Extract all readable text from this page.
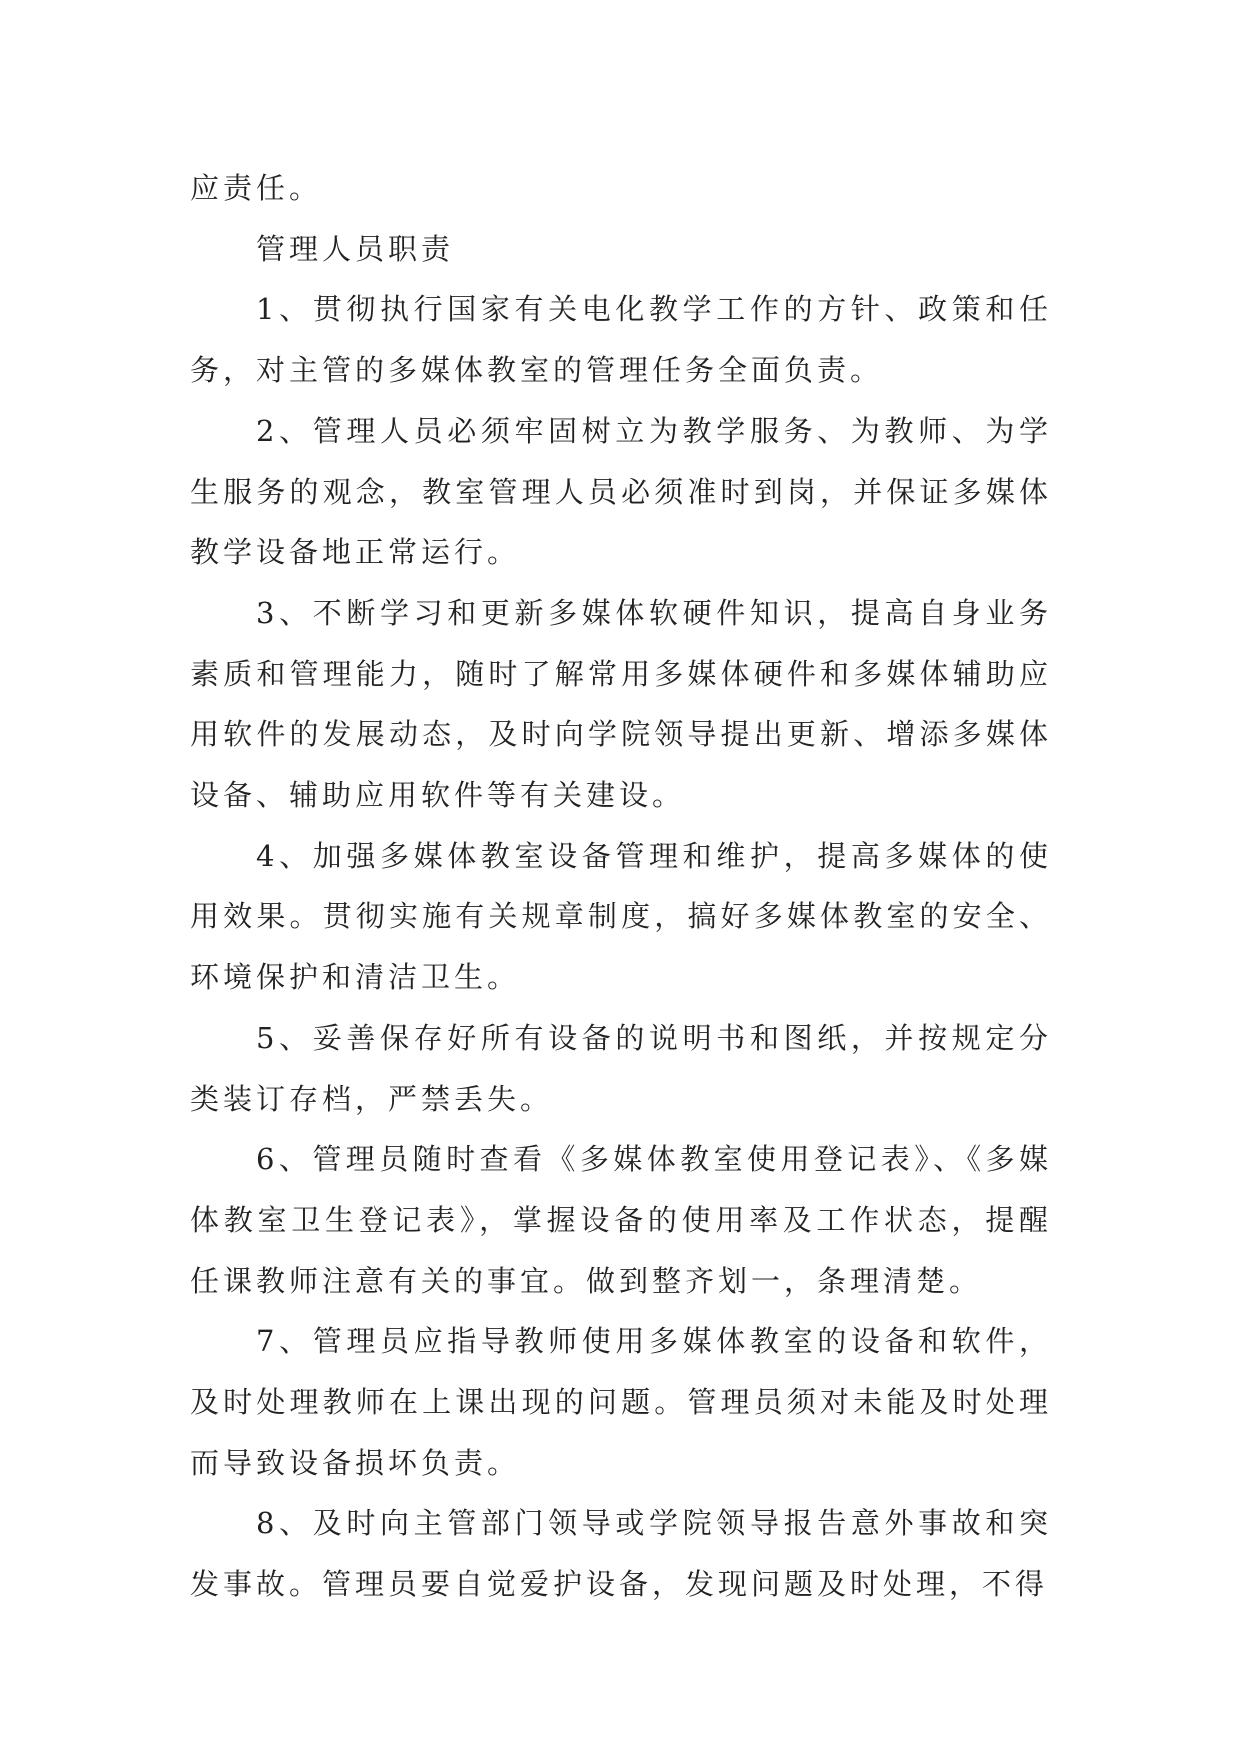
应责任。

管理人员职责

1、贯彻执行国家有关电化教学工作的方针、政策和任务，对主管的多媒体教室的管理任务全面负责。

2、管理人员必须牢固树立为教学服务、为教师、为学生服务的观念，教室管理人员必须准时到岗，并保证多媒体教学设备地正常运行。

3、不断学习和更新多媒体软硬件知识，提高自身业务素质和管理能力，随时了解常用多媒体硬件和多媒体辅助应用软件的发展动态，及时向学院领导提出更新、增添多媒体设备、辅助应用软件等有关建设。

4、加强多媒体教室设备管理和维护，提高多媒体的使用效果。贯彻实施有关规章制度，搞好多媒体教室的安全、环境保护和清洁卫生。

5、妥善保存好所有设备的说明书和图纸，并按规定分类装订存档，严禁丢失。

6、管理员随时查看《多媒体教室使用登记表》、《多媒体教室卫生登记表》，掌握设备的使用率及工作状态，提醒任课教师注意有关的事宜。做到整齐划一，条理清楚。

7、管理员应指导教师使用多媒体教室的设备和软件，及时处理教师在上课出现的问题。管理员须对未能及时处理而导致设备损坏负责。

8、及时向主管部门领导或学院领导报告意外事故和突发事故。管理员要自觉爱护设备，发现问题及时处理，不得
